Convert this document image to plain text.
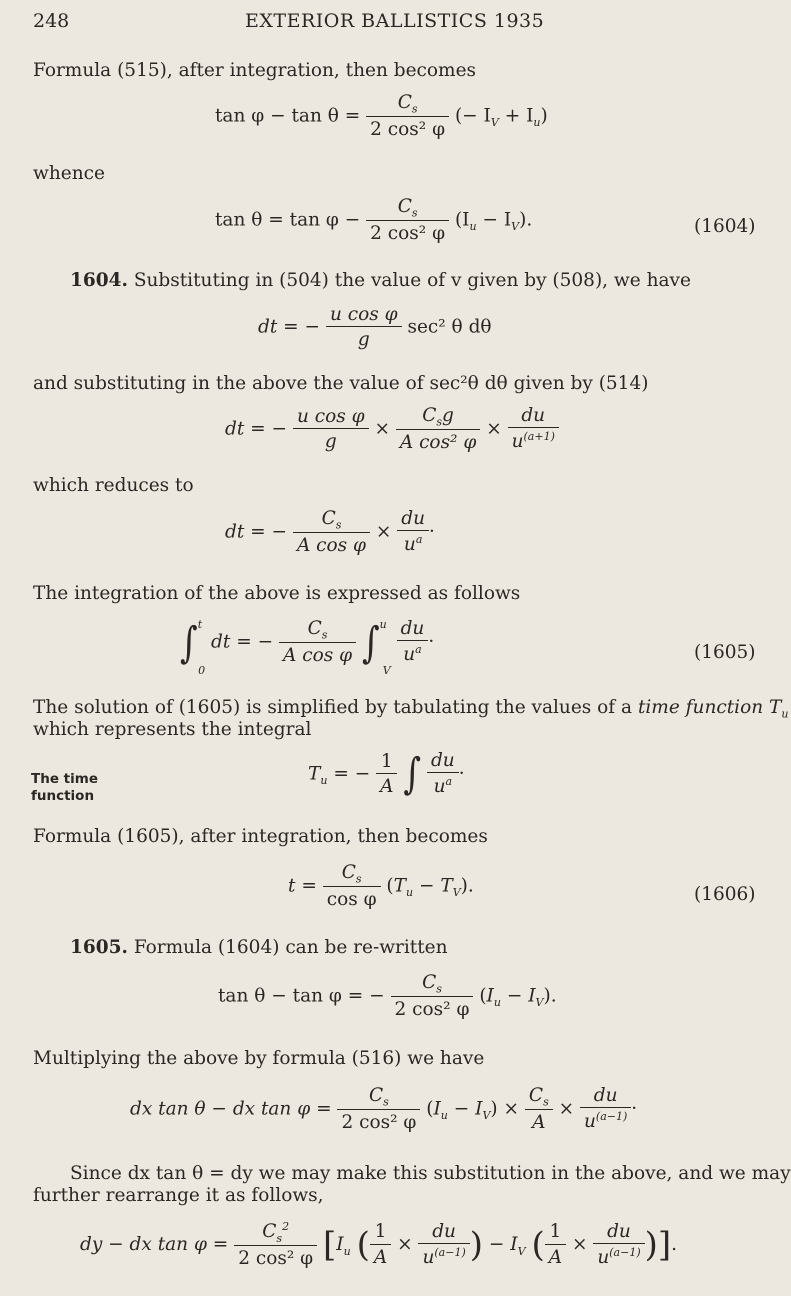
248	EXTERIOR BALLISTICS 1935
Formula (515), after integration, then becomes
$\tan \varphi - \tan \theta = \frac{C_s}{\text{2 cos² φ}}$ (− $I_V + I_u$)
whence
$\tan \theta = \tan \varphi - \frac{C_s}{\text{2 cos² φ}} (I_u - I_V)$.	(1604)
1604. Substituting in (504) the value of v given by (508), we have
dt = − $\frac{\text{u cos φ}}{g} \sec^2$ θ dθ
and substituting in the above the value of sec²θ dθ given by (514)
dt = − $\frac{\text{u cos φ}}{g} \times \frac{C_sg}{\text{A cos² φ}} \times \frac{du}{u^{(a+1)}}$
which reduces to
dt = − $\frac{C_s}{\text{A cos φ}} \times \frac{du}{u^a}$ ·
The integration of the above is expressed as follows
∫$^t_0$ dt = − $\frac{C_s}{\text{A cos φ}} \int^u_V$
$\frac{du}{u^a}$ ·	(1605)
The solution of (1605) is simplified by tabulating the values of a time function $T_u$
which represents the integral
The time
function
$T_u$ = − $\frac{1}{A}$ ∫ $\frac{du}{u^a}$ ·
Formula (1605), after integration, then becomes
$t = \frac{C_s}{\text{cos φ}} (T_u - T_V)$.	(1606)
1605. Formula (1604) can be re-written
tan θ − tan φ = − $\frac{C_s}{\text{2 cos² φ}} (I_u - I_V)$.
Multiplying the above by formula (516) we have
dx tan θ − dx $\tan \varphi = \frac{C_s}{\text{2 cos² φ}} (I_u - I_V) \times \frac{C_s}{A} \times \frac{du}{u^{(a-1)}}$ ·
Since dx tan θ = dy we may make this substitution in the above, and we may
further rearrange it as follows,
dy − dx $\tan \varphi = \frac{C_s^2}{\text{2 cos² φ}} [I_u$ ( $\frac{1}{A} \times \frac{du}{u^{(a-1)}}$ ) − $I_V$ ( $\frac{1}{A} \times \frac{du}{u^{(a-1)}}$ )].
